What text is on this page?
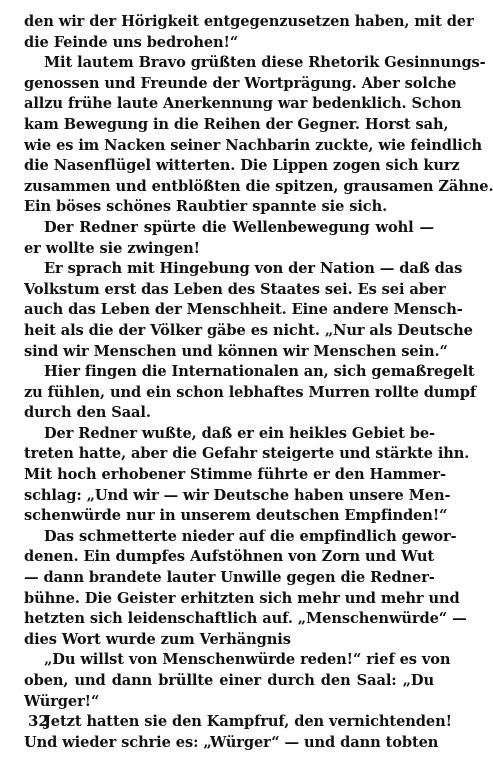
den wir der Hörigkeit entgegenzusetzen haben, mit der
die Feinde uns bedrohen!“
Mit lautem Bravo grüßten diese Rhetorik Gesinnungs-
genossen und Freunde der Wortprägung. Aber solche
allzu frühe laute Anerkennung war bedenklich. Schon
kam Bewegung in die Reihen der Gegner. Horst sah,
wie es im Nacken seiner Nachbarin zuckte, wie feindlich
die Nasenflügel witterten. Die Lippen zogen sich kurz
zusammen und entblößten die spitzen, grausamen Zähne.
Ein böses schönes Raubtier spannte sie sich.
Der Redner spürte die Wellenbewegung wohl —
er wollte sie zwingen!
Er sprach mit Hingebung von der Nation — daß das
Volkstum erst das Leben des Staates sei. Es sei aber
auch das Leben der Menschheit. Eine andere Mensch-
heit als die der Völker gäbe es nicht. „Nur als Deutsche
sind wir Menschen und können wir Menschen sein.“
Hier fingen die Internationalen an, sich gemaßregelt
zu fühlen, und ein schon lebhaftes Murren rollte dumpf
durch den Saal.
Der Redner wußte, daß er ein heikles Gebiet be-
treten hatte, aber die Gefahr steigerte und stärkte ihn.
Mit hoch erhobener Stimme führte er den Hammer-
schlag: „Und wir — wir Deutsche haben unsere Men-
schenwürde nur in unserem deutschen Empfinden!“
Das schmetterte nieder auf die empfindlich gewor-
denen. Ein dumpfes Aufstöhnen von Zorn und Wut
— dann brandete lauter Unwille gegen die Redner-
bühne. Die Geister erhitzten sich mehr und mehr und
hetzten sich leidenschaftlich auf. „Menschenwürde“ —
dies Wort wurde zum Verhängnis
„Du willst von Menschenwürde reden!“ rief es von
oben, und dann brüllte einer durch den Saal: „Du
Würger!“
Jetzt hatten sie den Kampfruf, den vernichtenden!
Und wieder schrie es: „Würger“ — und dann tobten
32
